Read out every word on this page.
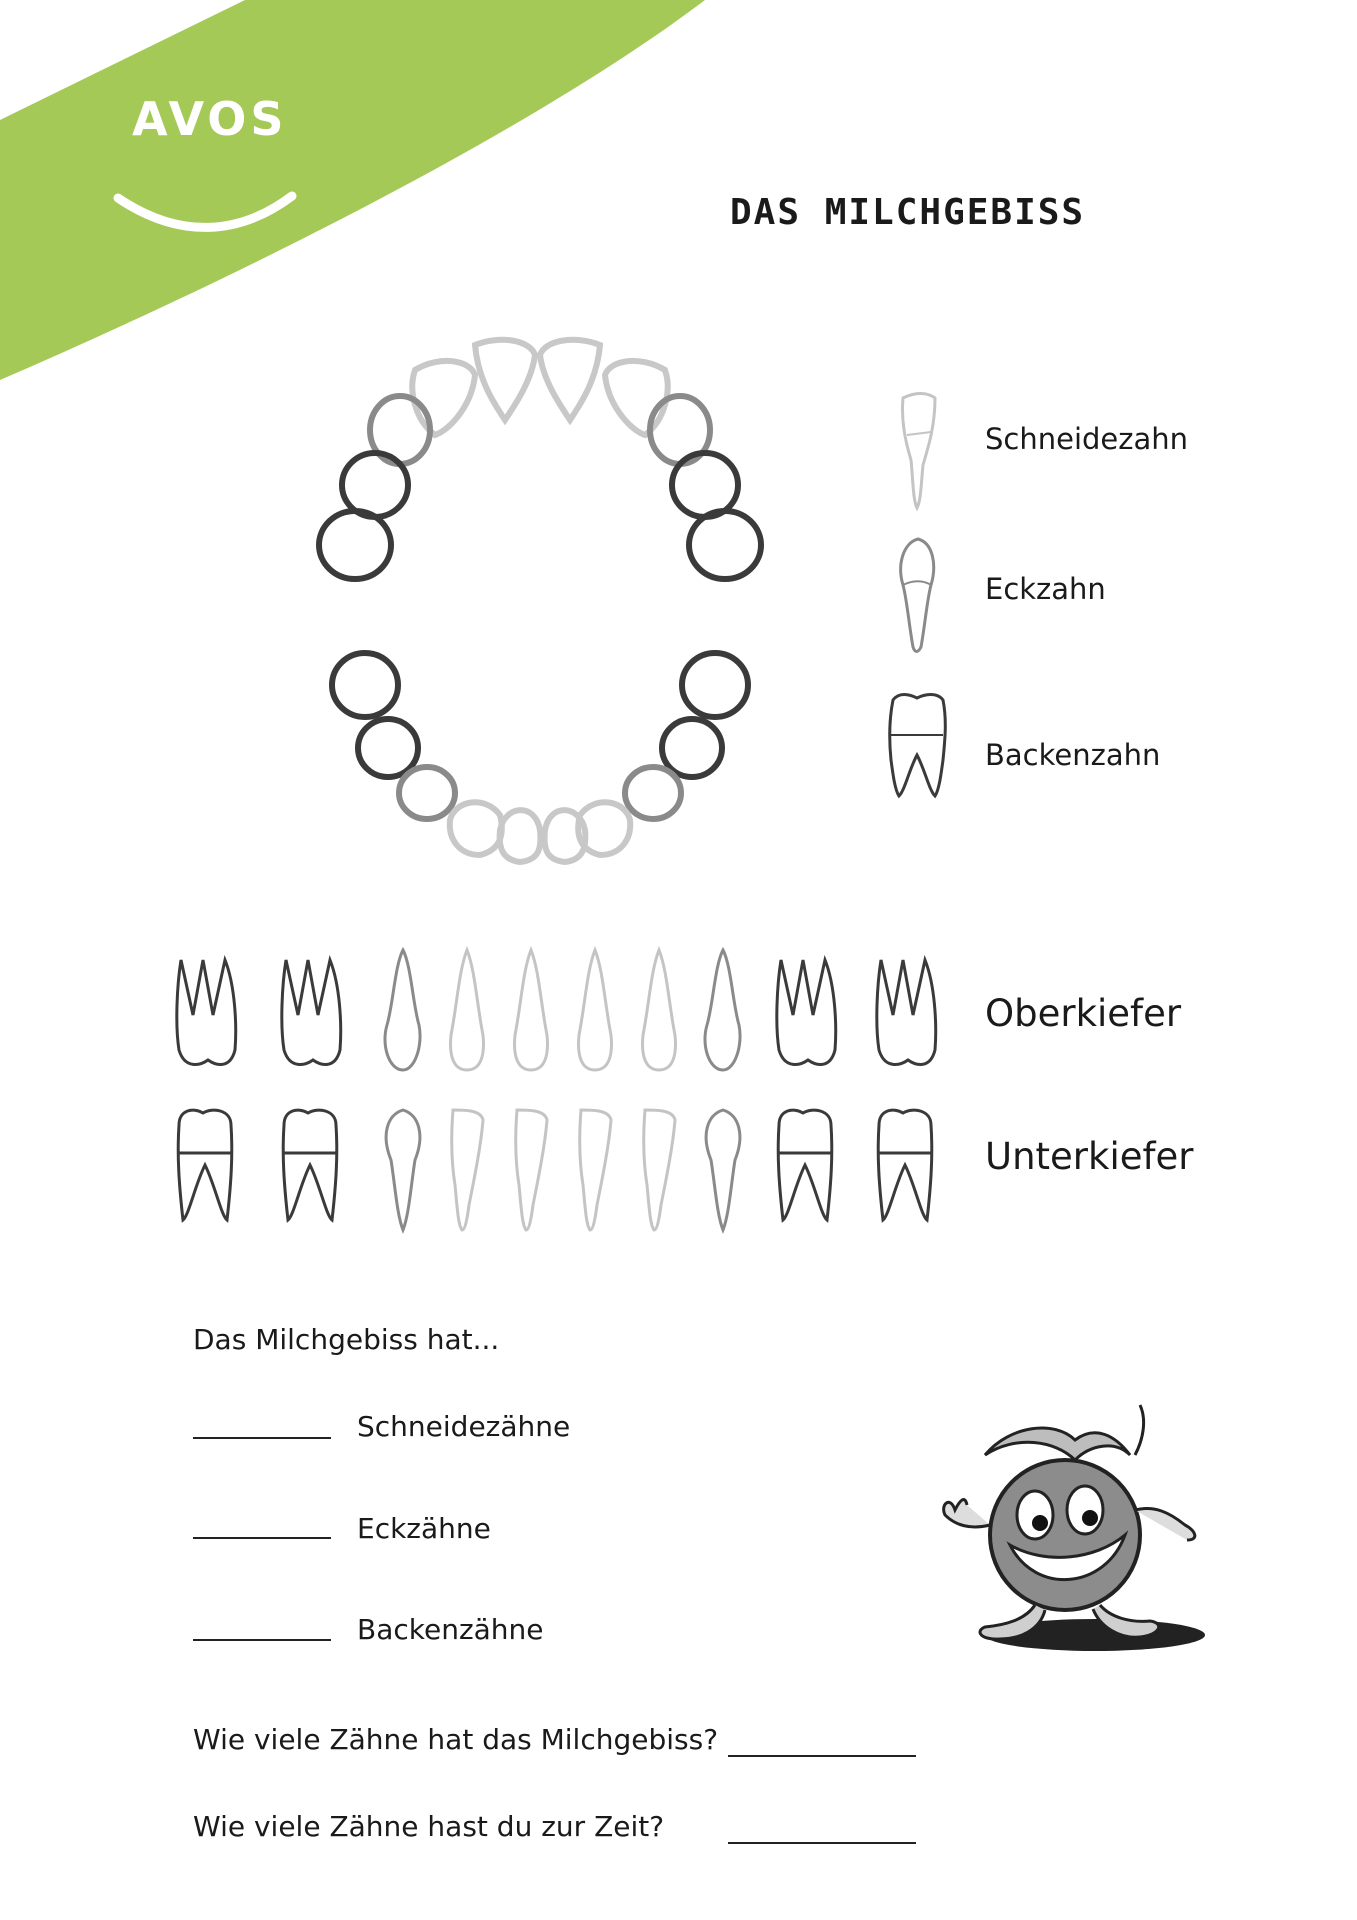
AVOS
DAS MILCHGEBISS
Schneidezahn
Eckzahn
Backenzahn
Oberkiefer
Unterkiefer
Das Milchgebiss hat...
Schneidezähne
Eckzähne
Backenzähne
Wie viele Zähne hat das Milchgebiss?
Wie viele Zähne hast du zur Zeit?
